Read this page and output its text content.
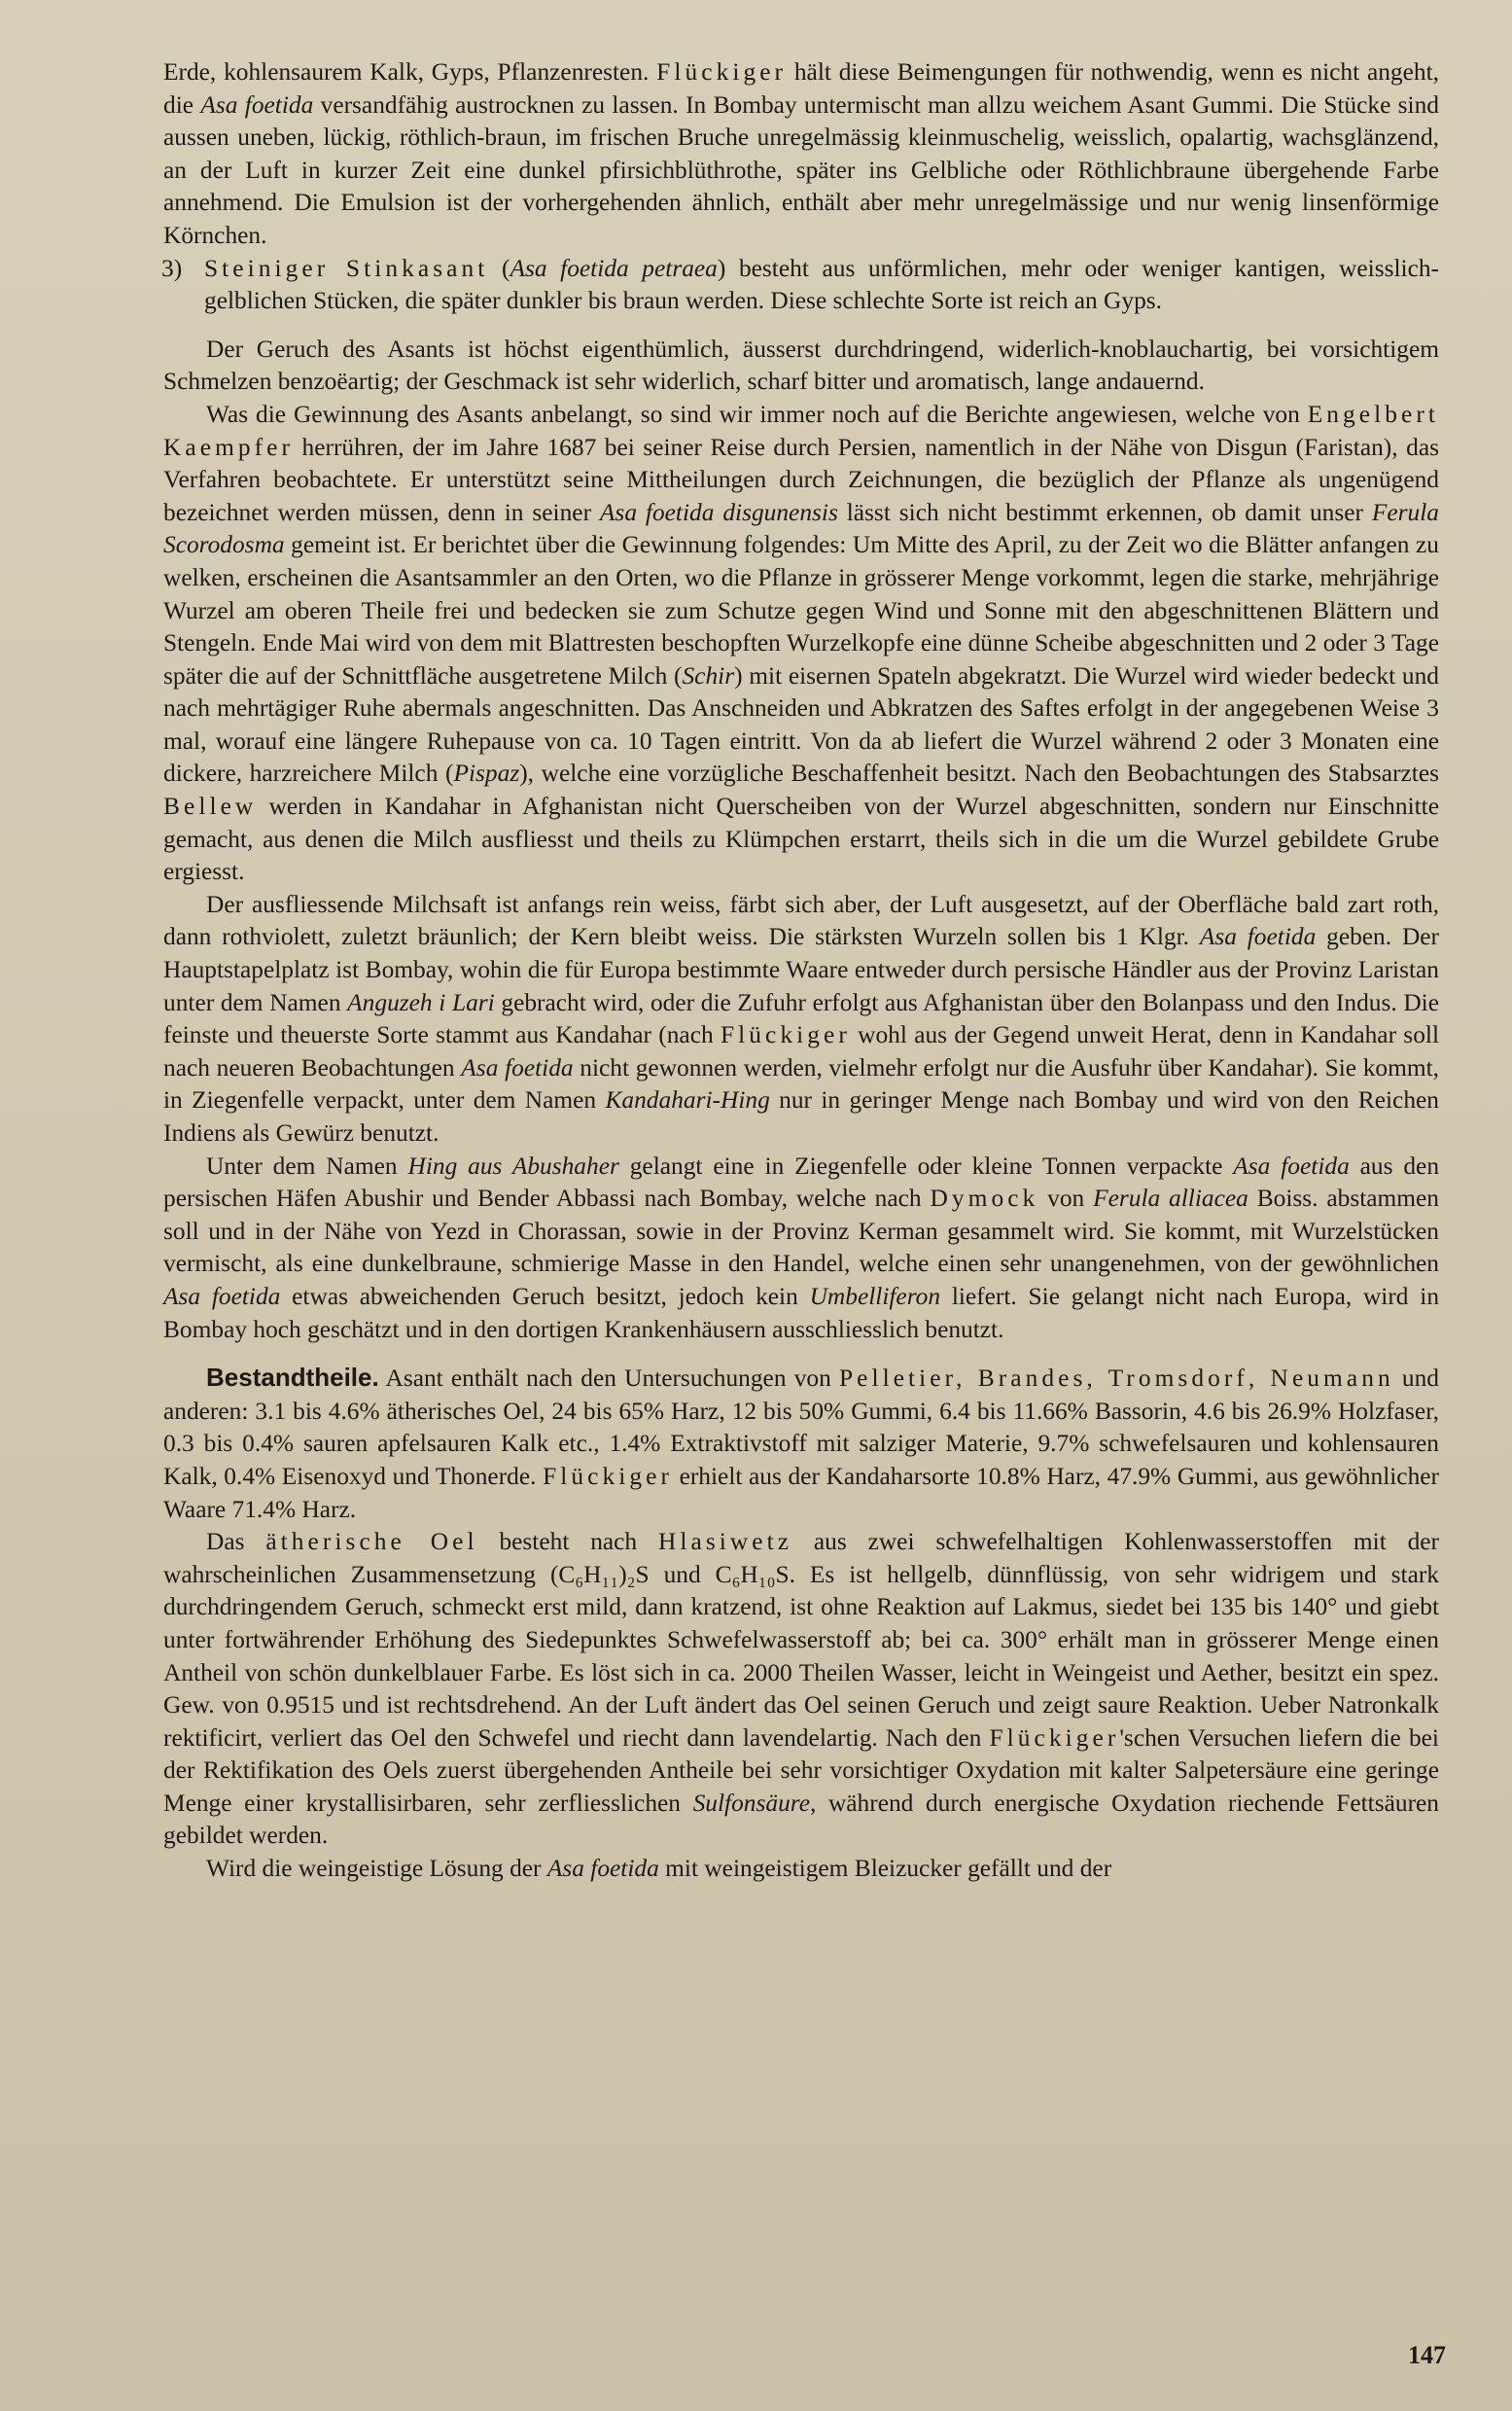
Erde, kohlensaurem Kalk, Gyps, Pflanzenresten. Flückiger hält diese Beimengungen für nothwendig, wenn es nicht angeht, die Asa foetida versandfähig austrocknen zu lassen. In Bombay untermischt man allzu weichem Asant Gummi. Die Stücke sind aussen uneben, lückig, röthlich-braun, im frischen Bruche unregelmässig kleinmuschelig, weisslich, opalartig, wachsglänzend, an der Luft in kurzer Zeit eine dunkel pfirsichblüthrothe, später ins Gelbliche oder Röthlichbraune übergehende Farbe annehmend. Die Emulsion ist der vorhergehenden ähnlich, enthält aber mehr unregelmässige und nur wenig linsenförmige Körnchen.

3) Steiniger Stinkasant (Asa foetida petraea) besteht aus unförmlichen, mehr oder weniger kantigen, weisslich-gelblichen Stücken, die später dunkler bis braun werden. Diese schlechte Sorte ist reich an Gyps.

Der Geruch des Asants ist höchst eigenthümlich, äusserst durchdringend, widerlich-knoblauchartig, bei vorsichtigem Schmelzen benzoëartig; der Geschmack ist sehr widerlich, scharf bitter und aromatisch, lange andauernd.

Was die Gewinnung des Asants anbelangt, so sind wir immer noch auf die Berichte angewiesen, welche von Engelbert Kaempfer herrühren, der im Jahre 1687 bei seiner Reise durch Persien, namentlich in der Nähe von Disgun (Faristan), das Verfahren beobachtete. Er unterstützt seine Mittheilungen durch Zeichnungen, die bezüglich der Pflanze als ungenügend bezeichnet werden müssen, denn in seiner Asa foetida disgunensis lässt sich nicht bestimmt erkennen, ob damit unser Ferula Scorodosma gemeint ist. Er berichtet über die Gewinnung folgendes: Um Mitte des April, zu der Zeit wo die Blätter anfangen zu welken, erscheinen die Asantsammler an den Orten, wo die Pflanze in grösserer Menge vorkommt, legen die starke, mehrjährige Wurzel am oberen Theile frei und bedecken sie zum Schutze gegen Wind und Sonne mit den abgeschnittenen Blättern und Stengeln. Ende Mai wird von dem mit Blattresten beschopften Wurzelkopfe eine dünne Scheibe abgeschnitten und 2 oder 3 Tage später die auf der Schnittfläche ausgetretene Milch (Schir) mit eisernen Spateln abgekratzt. Die Wurzel wird wieder bedeckt und nach mehrtägiger Ruhe abermals angeschnitten. Das Anschneiden und Abkratzen des Saftes erfolgt in der angegebenen Weise 3 mal, worauf eine längere Ruhepause von ca. 10 Tagen eintritt. Von da ab liefert die Wurzel während 2 oder 3 Monaten eine dickere, harzreichere Milch (Pispaz), welche eine vorzügliche Beschaffenheit besitzt. Nach den Beobachtungen des Stabsarztes Bellew werden in Kandahar in Afghanistan nicht Querscheiben von der Wurzel abgeschnitten, sondern nur Einschnitte gemacht, aus denen die Milch ausfliesst und theils zu Klümpchen erstarrt, theils sich in die um die Wurzel gebildete Grube ergiesst.

Der ausfliessende Milchsaft ist anfangs rein weiss, färbt sich aber, der Luft ausgesetzt, auf der Oberfläche bald zart roth, dann rothviolett, zuletzt bräunlich; der Kern bleibt weiss. Die stärksten Wurzeln sollen bis 1 Klgr. Asa foetida geben. Der Hauptstapelplatz ist Bombay, wohin die für Europa bestimmte Waare entweder durch persische Händler aus der Provinz Laristan unter dem Namen Anguzeh i Lari gebracht wird, oder die Zufuhr erfolgt aus Afghanistan über den Bolanpass und den Indus. Die feinste und theuerste Sorte stammt aus Kandahar (nach Flückiger wohl aus der Gegend unweit Herat, denn in Kandahar soll nach neueren Beobachtungen Asa foetida nicht gewonnen werden, vielmehr erfolgt nur die Ausfuhr über Kandahar). Sie kommt, in Ziegenfelle verpackt, unter dem Namen Kandahari-Hing nur in geringer Menge nach Bombay und wird von den Reichen Indiens als Gewürz benutzt.

Unter dem Namen Hing aus Abushaher gelangt eine in Ziegenfelle oder kleine Tonnen verpackte Asa foetida aus den persischen Häfen Abushir und Bender Abbassi nach Bombay, welche nach Dymock von Ferula alliacea Boiss. abstammen soll und in der Nähe von Yezd in Chorassan, sowie in der Provinz Kerman gesammelt wird. Sie kommt, mit Wurzelstücken vermischt, als eine dunkelbraune, schmierige Masse in den Handel, welche einen sehr unangenehmen, von der gewöhnlichen Asa foetida etwas abweichenden Geruch besitzt, jedoch kein Umbelliferon liefert. Sie gelangt nicht nach Europa, wird in Bombay hoch geschätzt und in den dortigen Krankenhäusern ausschliesslich benutzt.

Bestandtheile. Asant enthält nach den Untersuchungen von Pelletier, Brandes, Tromsdorf, Neumann und anderen: 3.1 bis 4.6% ätherisches Oel, 24 bis 65% Harz, 12 bis 50% Gummi, 6.4 bis 11.66% Bassorin, 4.6 bis 26.9% Holzfaser, 0.3 bis 0.4% sauren apfelsauren Kalk etc., 1.4% Extraktivstoff mit salziger Materie, 9.7% schwefelsauren und kohlensauren Kalk, 0.4% Eisenoxyd und Thonerde. Flückiger erhielt aus der Kandaharsorte 10.8% Harz, 47.9% Gummi, aus gewöhnlicher Waare 71.4% Harz.

Das ätherische Oel besteht nach Hlasiwetz aus zwei schwefelhaltigen Kohlenwasserstoffen mit der wahrscheinlichen Zusammensetzung (C₆H₁₁)₂S und C₆H₁₀S. Es ist hellgelb, dünnflüssig, von sehr widrigem und stark durchdringendem Geruch, schmeckt erst mild, dann kratzend, ist ohne Reaktion auf Lakmus, siedet bei 135 bis 140° und giebt unter fortwährender Erhöhung des Siedepunktes Schwefelwasserstoff ab; bei ca. 300° erhält man in grösserer Menge einen Antheil von schön dunkelblauer Farbe. Es löst sich in ca. 2000 Theilen Wasser, leicht in Weingeist und Aether, besitzt ein spez. Gew. von 0.9515 und ist rechtsdrehend. An der Luft ändert das Oel seinen Geruch und zeigt saure Reaktion. Ueber Natronkalk rektificirt, verliert das Oel den Schwefel und riecht dann lavendelartig. Nach den Flückiger'schen Versuchen liefern die bei der Rektifikation des Oels zuerst übergehenden Antheile bei sehr vorsichtiger Oxydation mit kalter Salpetersäure eine geringe Menge einer krystallisirbaren, sehr zerfliesslichen Sulfonsäure, während durch energische Oxydation riechende Fettsäuren gebildet werden.

Wird die weingeistige Lösung der Asa foetida mit weingeistigem Bleizucker gefällt und der

147
